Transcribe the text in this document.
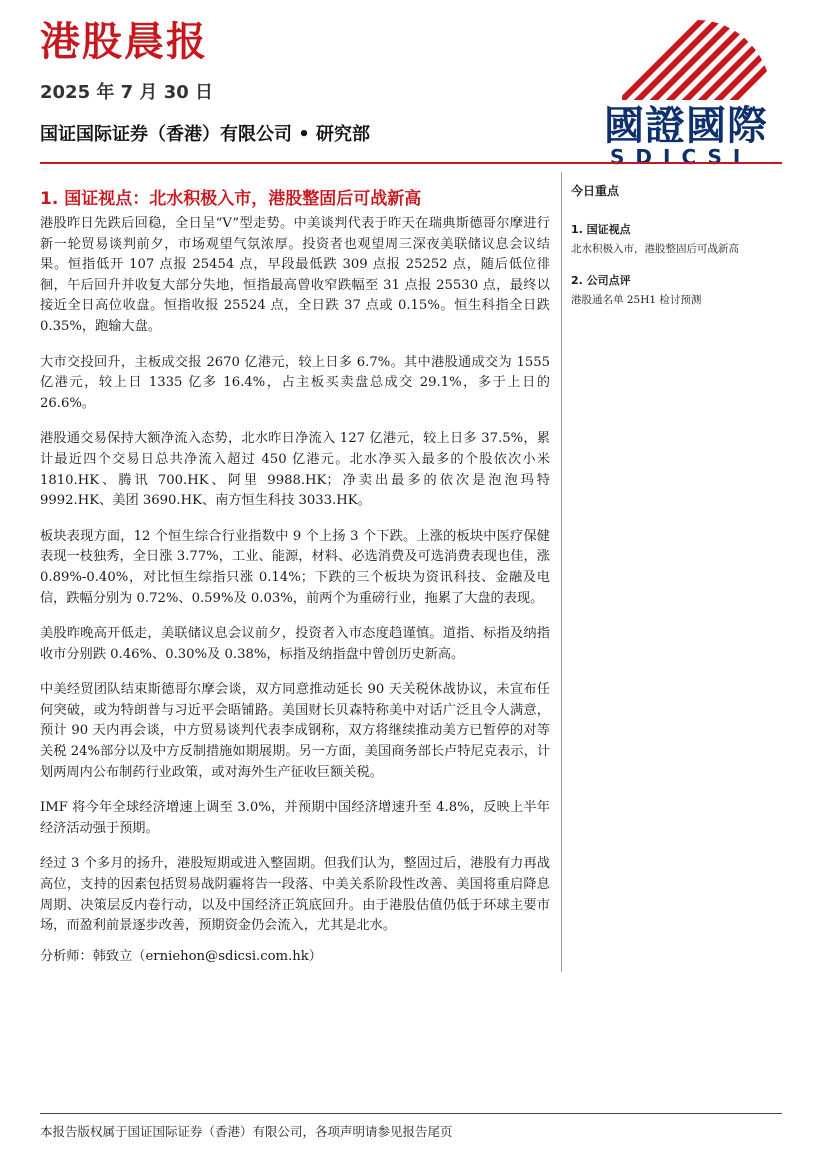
港股晨报
2025 年 7 月 30 日
国证国际证券（香港）有限公司 • 研究部	國證國際
SDICSI
1. 国证视点：北水积极入市，港股整固后可战新高

港股昨日先跌后回稳，全日呈“V”型走势。中美谈判代表于昨天在瑞典斯德哥尔摩进行新一轮贸易谈判前夕，市场观望气氛浓厚。投资者也观望周三深夜美联储议息会议结果。恒指低开 107 点报 25454 点，早段最低跌 309 点报 25252 点，随后低位徘徊，午后回升并收复大部分失地，恒指最高曾收窄跌幅至 31 点报 25530 点，最终以接近全日高位收盘。恒指收报 25524 点，全日跌 37 点或 0.15%。恒生科指全日跌 0.35%，跑输大盘。

大市交投回升，主板成交报 2670 亿港元，较上日多 6.7%。其中港股通成交为 1555 亿港元，较上日 1335 亿多 16.4%，占主板买卖盘总成交 29.1%，多于上日的 26.6%。

港股通交易保持大额净流入态势，北水昨日净流入 127 亿港元，较上日多 37.5%，累计最近四个交易日总共净流入超过 450 亿港元。北水净买入最多的个股依次小米 1810.HK、腾讯 700.HK、阿里 9988.HK；净卖出最多的依次是泡泡玛特 9992.HK、美团 3690.HK、南方恒生科技 3033.HK。

板块表现方面，12 个恒生综合行业指数中 9 个上扬 3 个下跌。上涨的板块中医疗保健表现一枝独秀，全日涨 3.77%，工业、能源，材料、必选消费及可选消费表现也佳，涨 0.89%-0.40%，对比恒生综指只涨 0.14%；下跌的三个板块为资讯科技、金融及电信，跌幅分别为 0.72%、0.59%及 0.03%，前两个为重磅行业，拖累了大盘的表现。

美股昨晚高开低走，美联储议息会议前夕，投资者入市态度趋谨慎。道指、标指及纳指收市分别跌 0.46%、0.30%及 0.38%，标指及纳指盘中曾创历史新高。

中美经贸团队结束斯德哥尔摩会谈，双方同意推动延长 90 天关税休战协议，未宣布任何突破，或为特朗普与习近平会晤铺路。美国财长贝森特称美中对话广泛且令人满意，预计 90 天内再会谈，中方贸易谈判代表李成钢称，双方将继续推动美方已暂停的对等关税 24%部分以及中方反制措施如期展期。另一方面，美国商务部长卢特尼克表示，计划两周内公布制药行业政策，或对海外生产征收巨额关税。

IMF 将今年全球经济增速上调至 3.0%，并预期中国经济增速升至 4.8%，反映上半年经济活动强于预期。

经过 3 个多月的扬升，港股短期或进入整固期。但我们认为，整固过后，港股有力再战高位，支持的因素包括贸易战阴霾将告一段落、中美关系阶段性改善、美国将重启降息周期、决策层反内卷行动，以及中国经济正筑底回升。由于港股估值仍低于环球主要市场，而盈利前景逐步改善，预期资金仍会流入，尤其是北水。

分析师：韩致立（erniehon@sdicsi.com.hk）
今日重点
1. 国证视点
北水积极入市，港股整固后可战新高
2. 公司点评
港股通名单 25H1 检讨预测
本报告版权属于国证国际证券（香港）有限公司，各项声明请参见报告尾页
